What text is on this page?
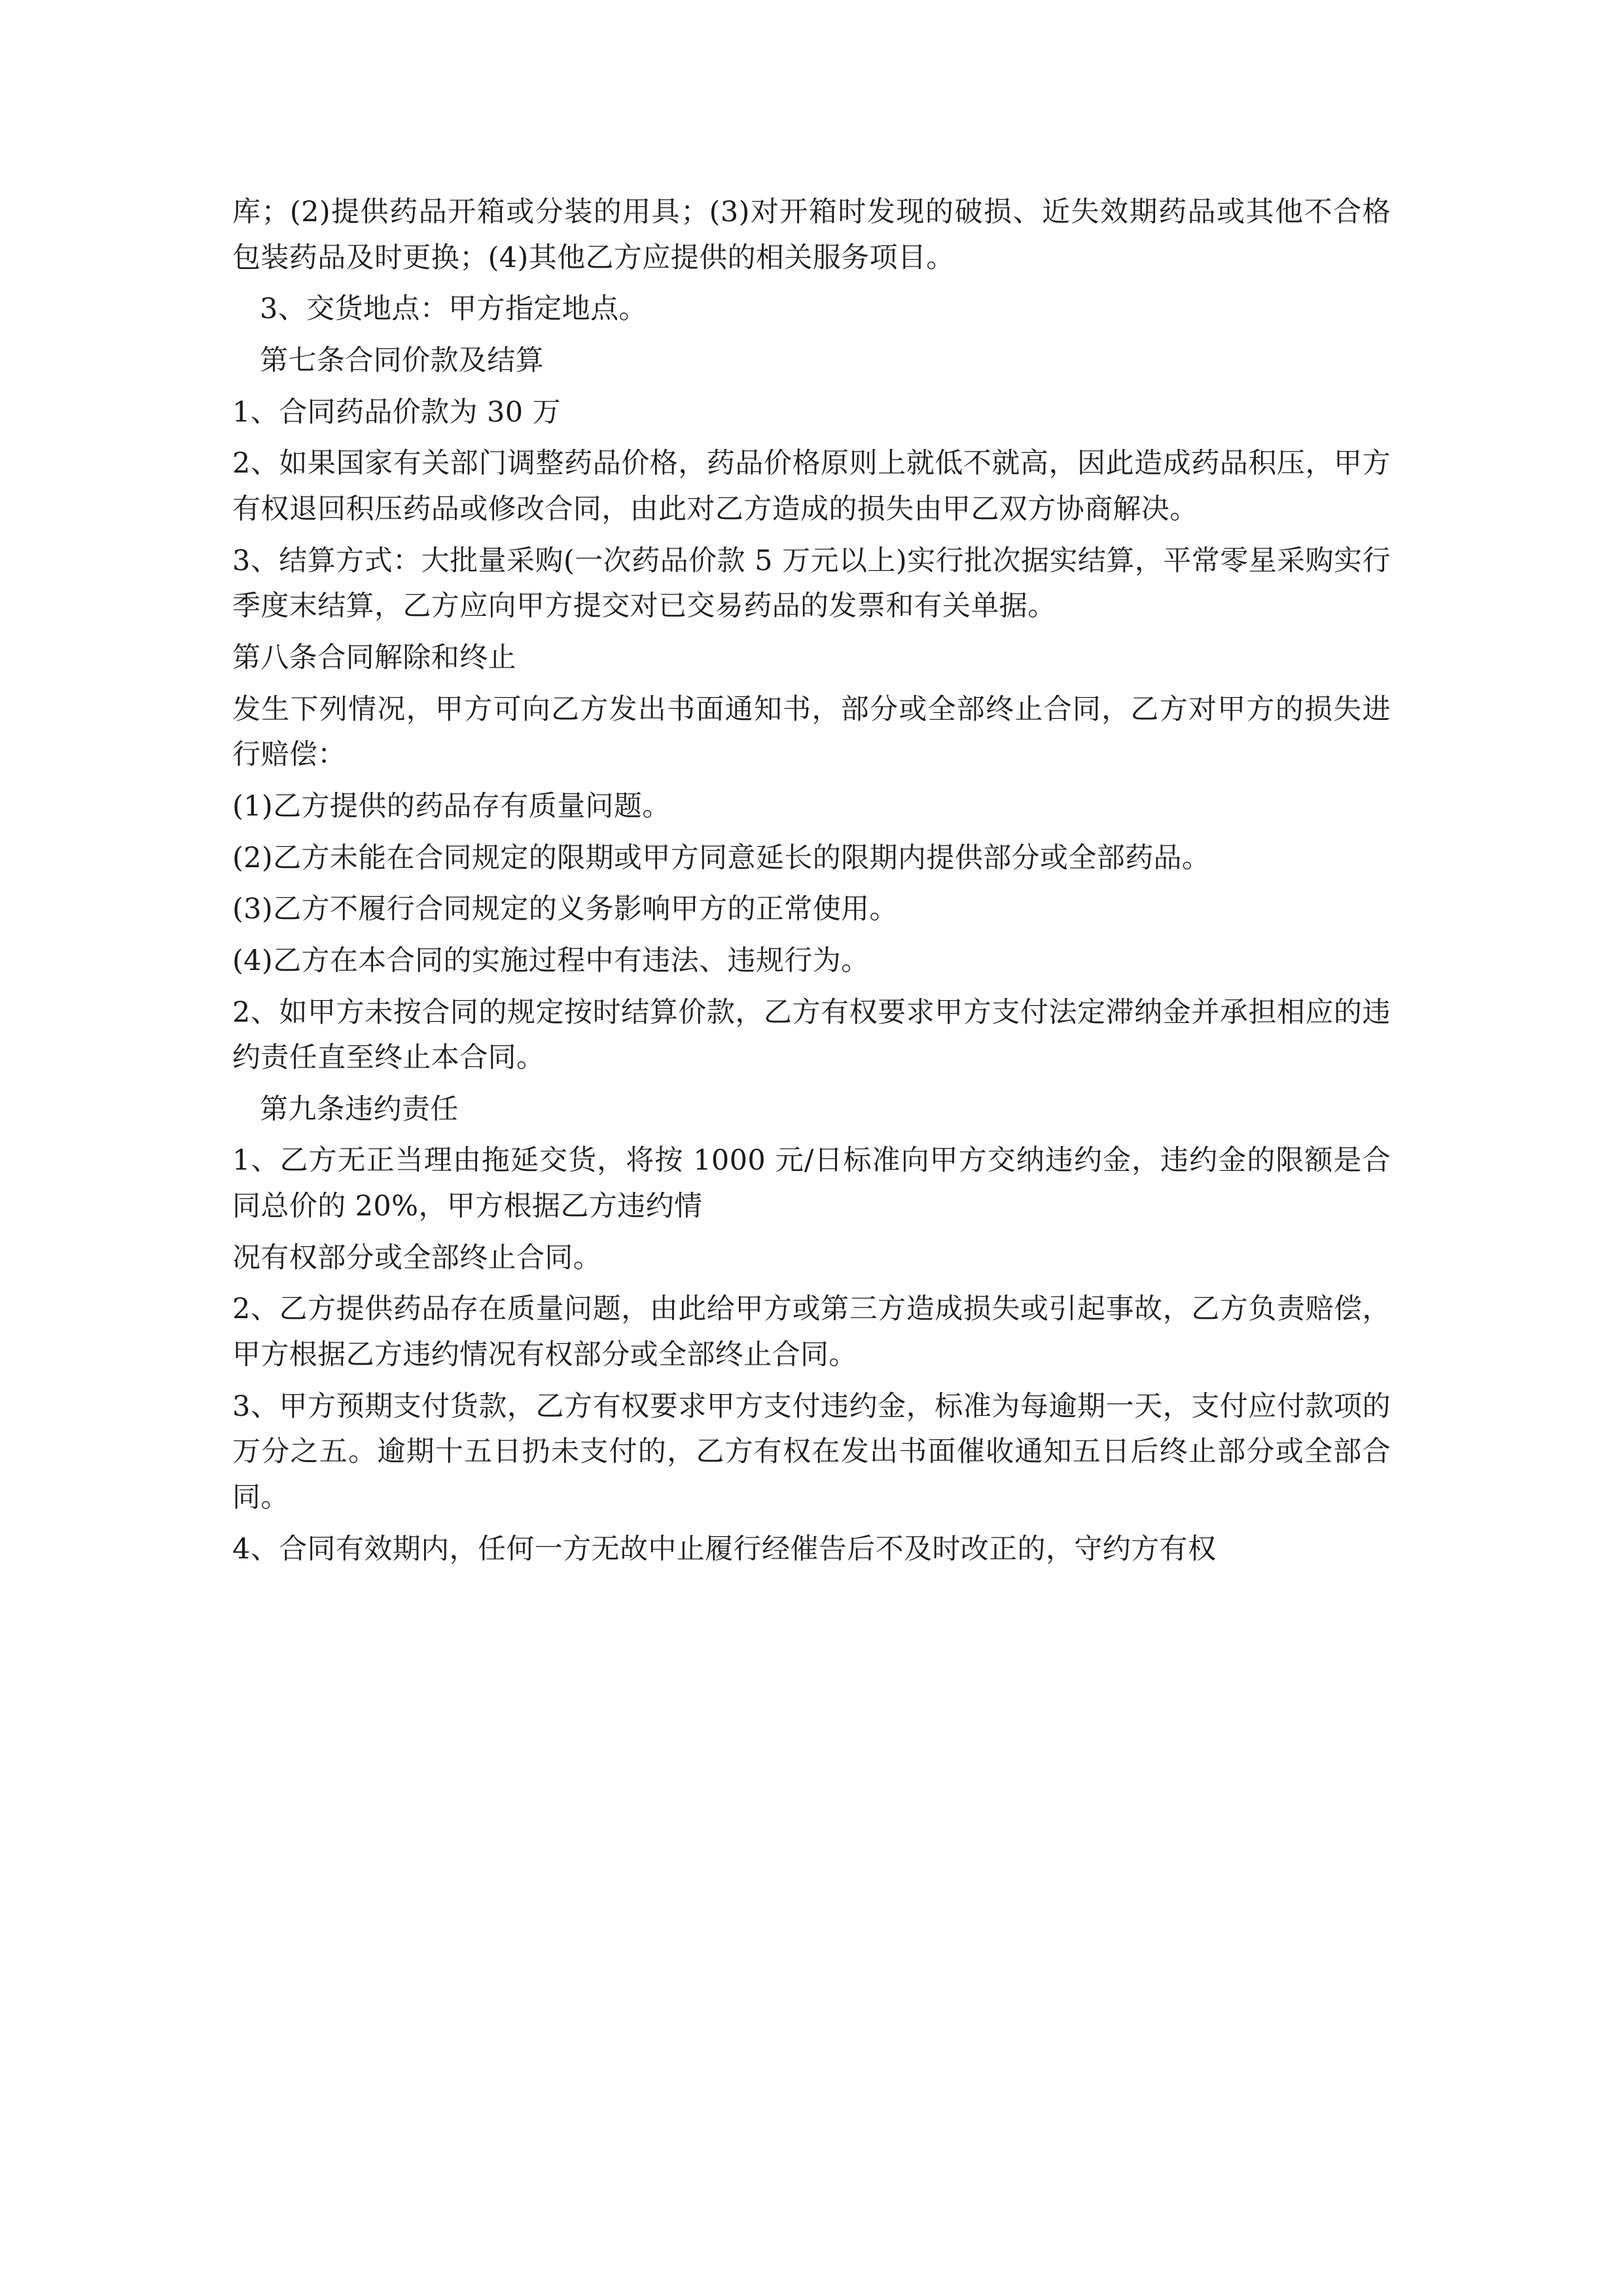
库；(2)提供药品开箱或分装的用具；(3)对开箱时发现的破损、近失效期药品或其他不合格包装药品及时更换；(4)其他乙方应提供的相关服务项目。

3、交货地点：甲方指定地点。

第七条合同价款及结算

1、合同药品价款为 30 万

2、如果国家有关部门调整药品价格，药品价格原则上就低不就高，因此造成药品积压，甲方有权退回积压药品或修改合同，由此对乙方造成的损失由甲乙双方协商解决。

3、结算方式：大批量采购(一次药品价款 5 万元以上)实行批次据实结算，平常零星采购实行季度末结算，乙方应向甲方提交对已交易药品的发票和有关单据。

第八条合同解除和终止

发生下列情况，甲方可向乙方发出书面通知书，部分或全部终止合同，乙方对甲方的损失进行赔偿：

(1)乙方提供的药品存有质量问题。

(2)乙方未能在合同规定的限期或甲方同意延长的限期内提供部分或全部药品。

(3)乙方不履行合同规定的义务影响甲方的正常使用。

(4)乙方在本合同的实施过程中有违法、违规行为。

2、如甲方未按合同的规定按时结算价款，乙方有权要求甲方支付法定滞纳金并承担相应的违约责任直至终止本合同。

第九条违约责任

1、乙方无正当理由拖延交货，将按 1000 元/日标准向甲方交纳违约金，违约金的限额是合同总价的 20%，甲方根据乙方违约情

况有权部分或全部终止合同。

2、乙方提供药品存在质量问题，由此给甲方或第三方造成损失或引起事故，乙方负责赔偿，甲方根据乙方违约情况有权部分或全部终止合同。

3、甲方预期支付货款，乙方有权要求甲方支付违约金，标准为每逾期一天，支付应付款项的万分之五。逾期十五日扔未支付的，乙方有权在发出书面催收通知五日后终止部分或全部合同。

4、合同有效期内，任何一方无故中止履行经催告后不及时改正的，守约方有权
